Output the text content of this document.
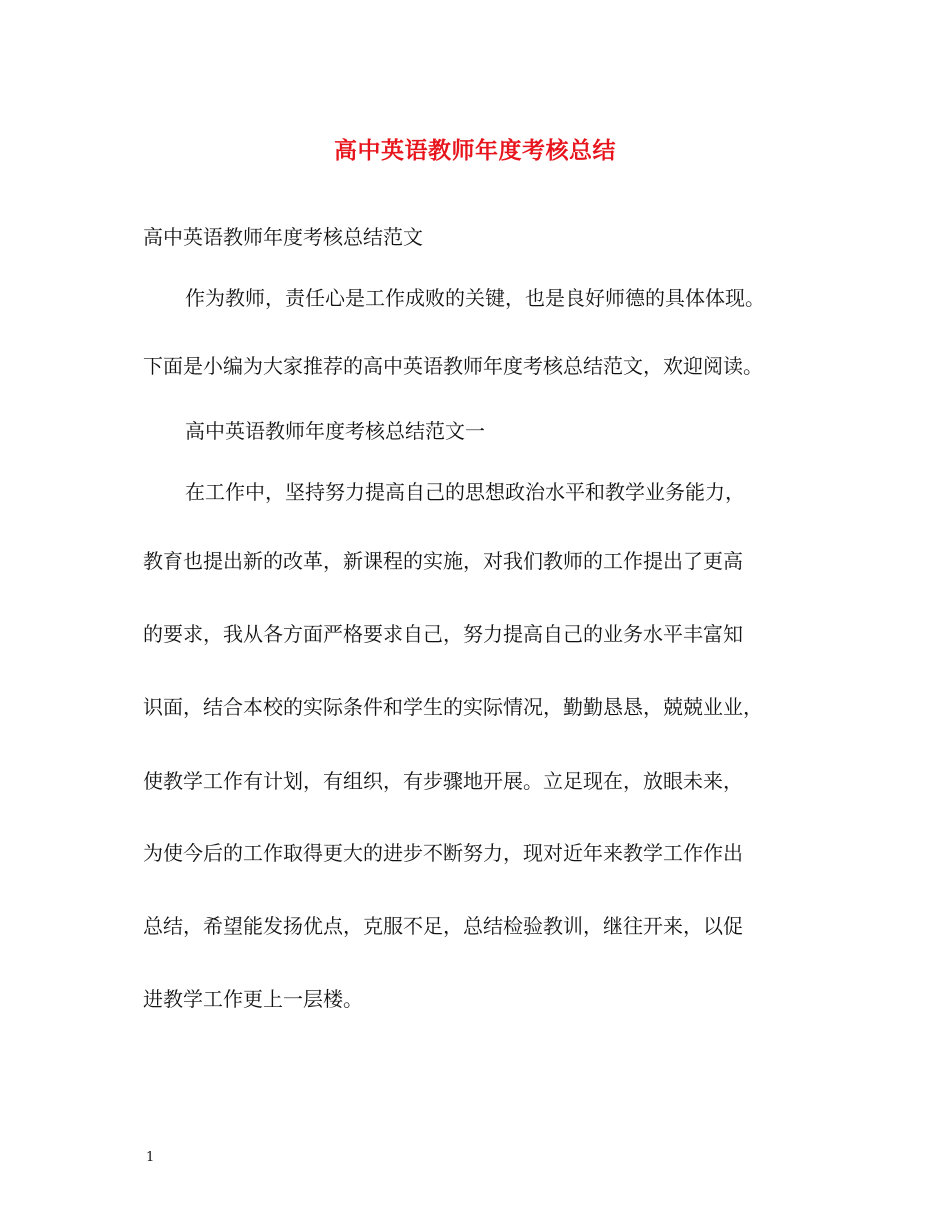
高中英语教师年度考核总结
高中英语教师年度考核总结范文
作为教师，责任心是工作成败的关键，也是良好师德的具体体现。
下面是小编为大家推荐的高中英语教师年度考核总结范文，欢迎阅读。
高中英语教师年度考核总结范文一
在工作中，坚持努力提高自己的思想政治水平和教学业务能力，
教育也提出新的改革，新课程的实施，对我们教师的工作提出了更高
的要求，我从各方面严格要求自己，努力提高自己的业务水平丰富知
识面，结合本校的实际条件和学生的实际情况，勤勤恳恳，兢兢业业，
使教学工作有计划，有组织，有步骤地开展。立足现在，放眼未来，
为使今后的工作取得更大的进步不断努力，现对近年来教学工作作出
总结，希望能发扬优点，克服不足，总结检验教训，继往开来，以促
进教学工作更上一层楼。
1
